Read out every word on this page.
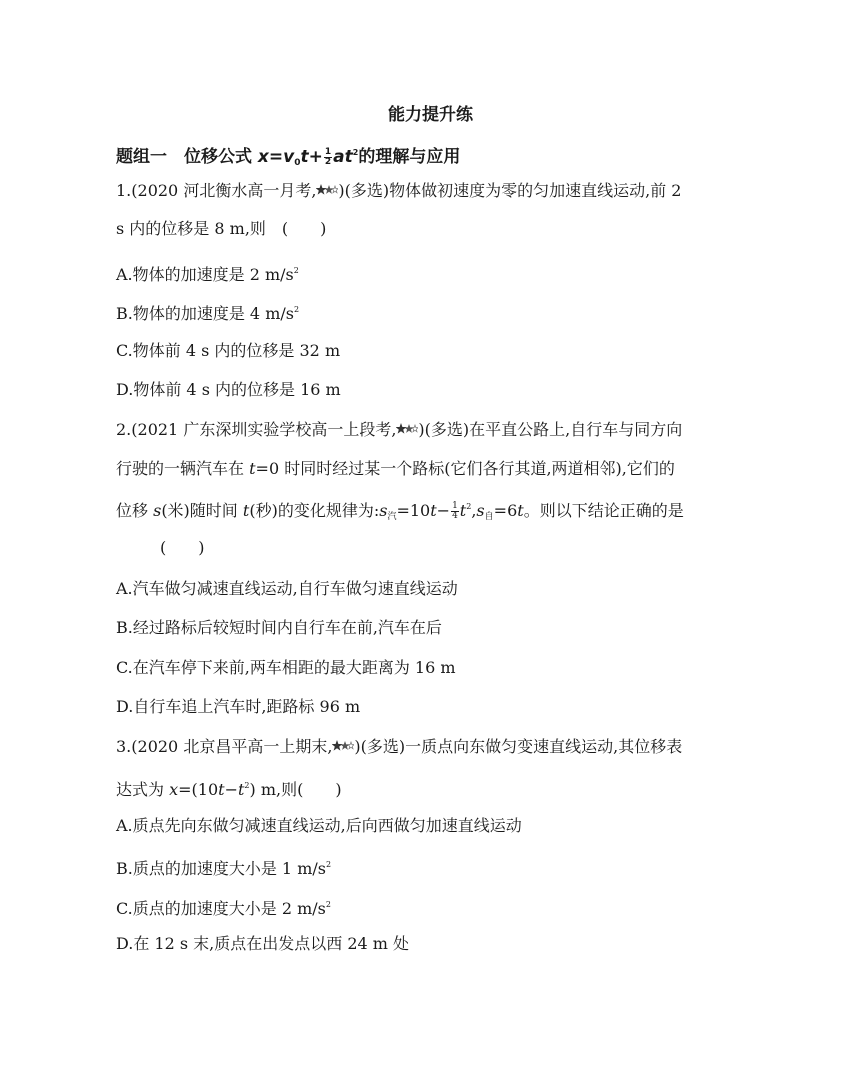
能力提升练
题组一　位移公式 $x=v_0t+ \frac{1}{2} at^2$的理解与应用
1.(2020 河北衡水高一月考, )(多选)物体做初速度为零的匀加速直线运动,前 2
s 内的位移是 8 m,则　(　　)
A.物体的加速度是 2 $m/s^2$
B.物体的加速度是 4 $m/s^2$
C.物体前 4 s 内的位移是 32 m
D.物体前 4 s 内的位移是 16 m
2.(2021 广东深圳实验学校高一上段考, )(多选)在平直公路上,自行车与同方向
行驶的一辆汽车在 t=0 时同时经过某一个路标(它们各行其道,两道相邻),它们的
位移 s(米)随时间 t(秒)的变化规律为$:s_汽=10t- \frac{1}{4} t^2,s_自=6t$。则以下结论正确的是
(　　)
A.汽车做匀减速直线运动,自行车做匀速直线运动
B.经过路标后较短时间内自行车在前,汽车在后
C.在汽车停下来前,两车相距的最大距离为 16 m
D.自行车追上汽车时,距路标 96 m
3.(2020 北京昌平高一上期末, )(多选)一质点向东做匀变速直线运动,其位移表
达式为 $x=(10t-t^2)$ m,则(　　)
A.质点先向东做匀减速直线运动,后向西做匀加速直线运动
B.质点的加速度大小是 1 $m/s^2$
C.质点的加速度大小是 2 $m/s^2$
D.在 12 s 末,质点在出发点以西 24 m 处
